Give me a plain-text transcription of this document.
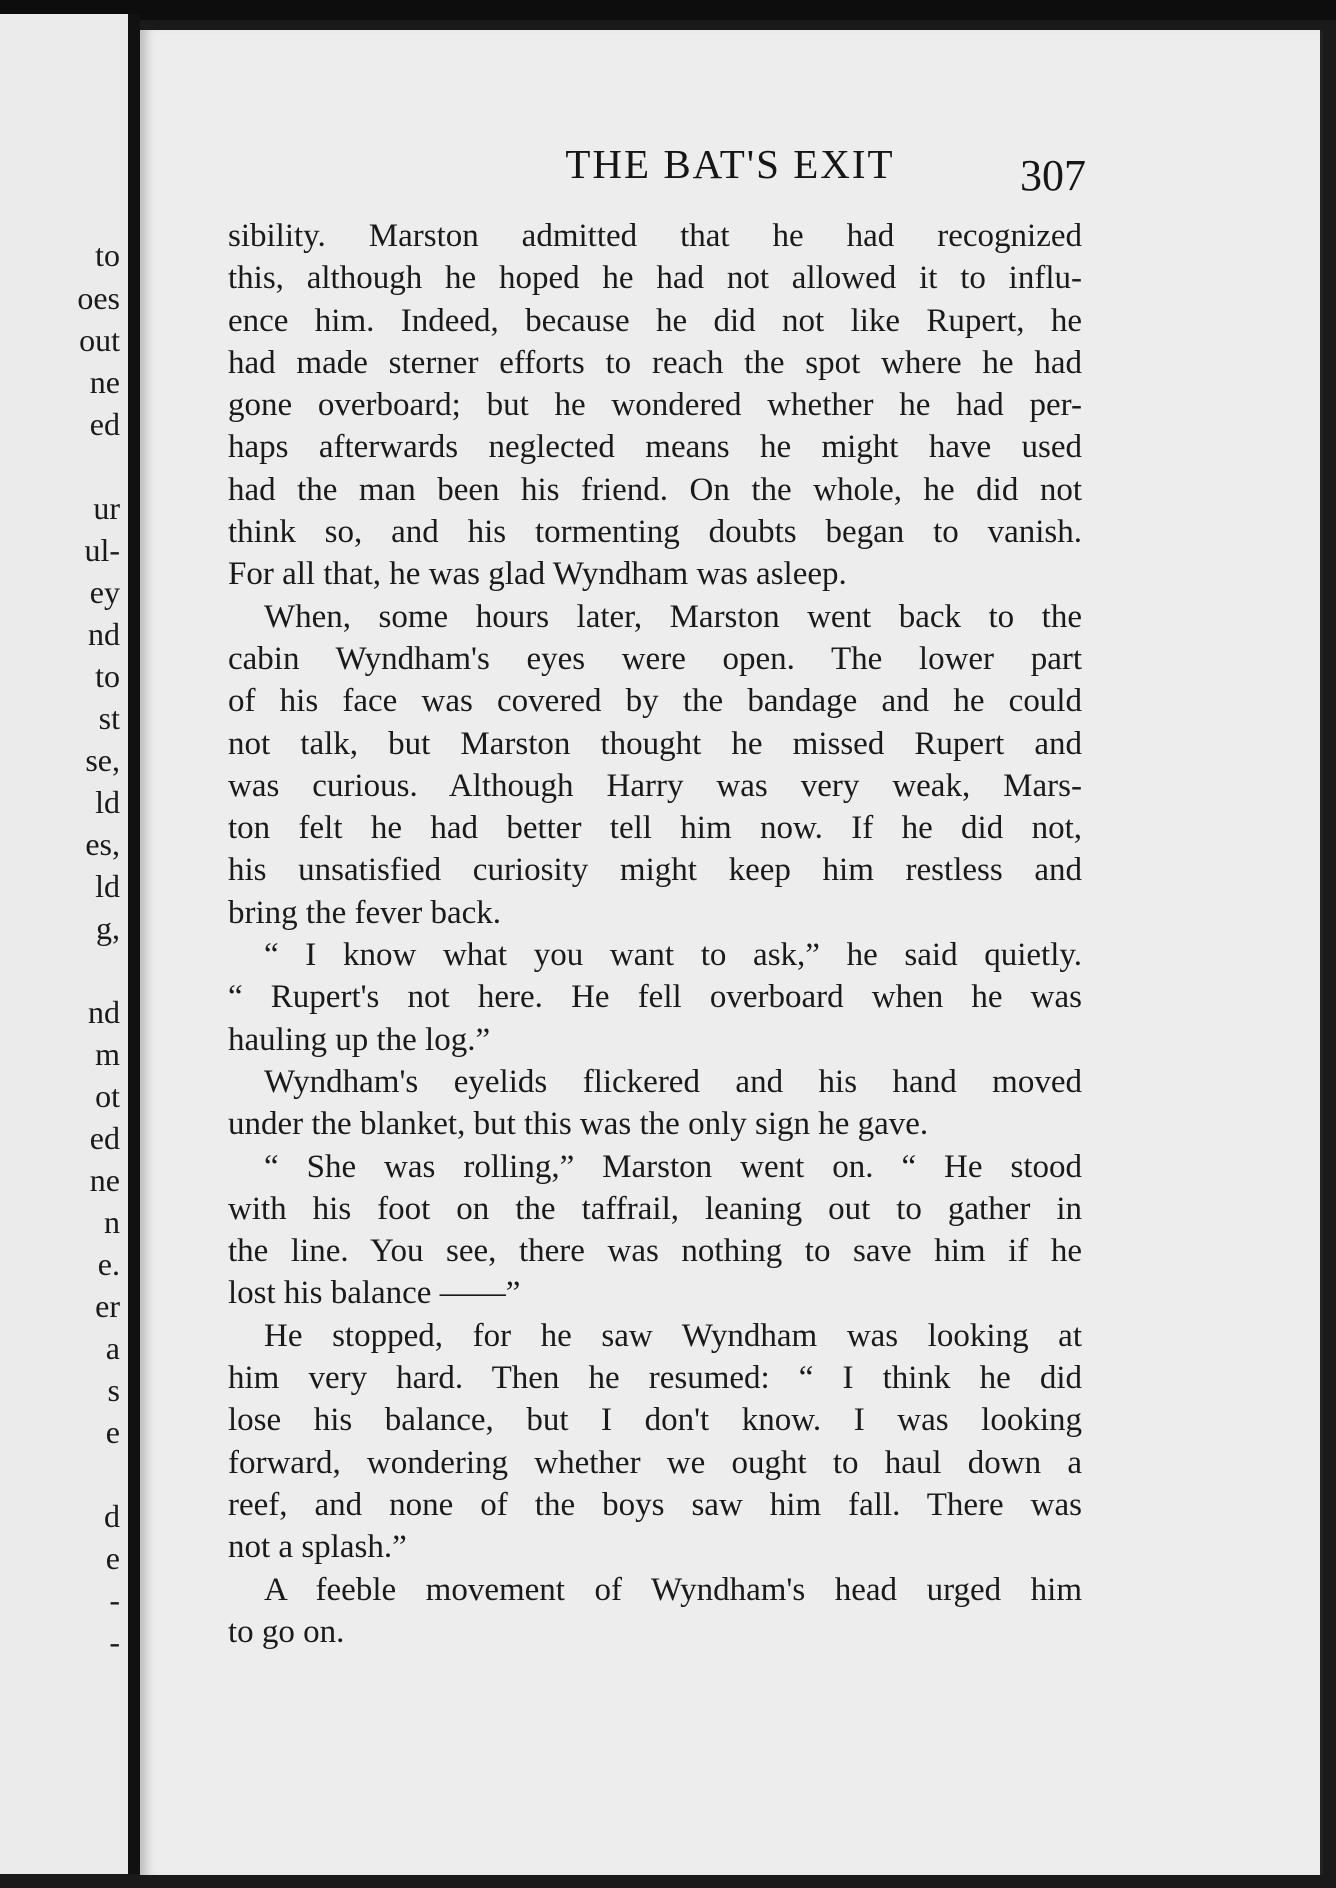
to
oes
out
ne
ed
ur
ul-
ey
nd
to
st
se,
ld
es,
ld
g,
nd
m
ot
ed
ne
n
e.
er
a
s
e
d
e
-
-
THE BAT'S EXIT	307
sibility. Marston admitted that he had recognized
this, although he hoped he had not allowed it to influ-
ence him. Indeed, because he did not like Rupert, he
had made sterner efforts to reach the spot where he had
gone overboard; but he wondered whether he had per-
haps afterwards neglected means he might have used
had the man been his friend. On the whole, he did not
think so, and his tormenting doubts began to vanish.
For all that, he was glad Wyndham was asleep.
When, some hours later, Marston went back to the
cabin Wyndham's eyes were open. The lower part
of his face was covered by the bandage and he could
not talk, but Marston thought he missed Rupert and
was curious. Although Harry was very weak, Mars-
ton felt he had better tell him now. If he did not,
his unsatisfied curiosity might keep him restless and
bring the fever back.
“ I know what you want to ask,” he said quietly.
“ Rupert's not here. He fell overboard when he was
hauling up the log.”
Wyndham's eyelids flickered and his hand moved
under the blanket, but this was the only sign he gave.
“ She was rolling,” Marston went on. “ He stood
with his foot on the taffrail, leaning out to gather in
the line. You see, there was nothing to save him if he
lost his balance ——”
He stopped, for he saw Wyndham was looking at
him very hard. Then he resumed: “ I think he did
lose his balance, but I don't know. I was looking
forward, wondering whether we ought to haul down a
reef, and none of the boys saw him fall. There was
not a splash.”
A feeble movement of Wyndham's head urged him
to go on.
